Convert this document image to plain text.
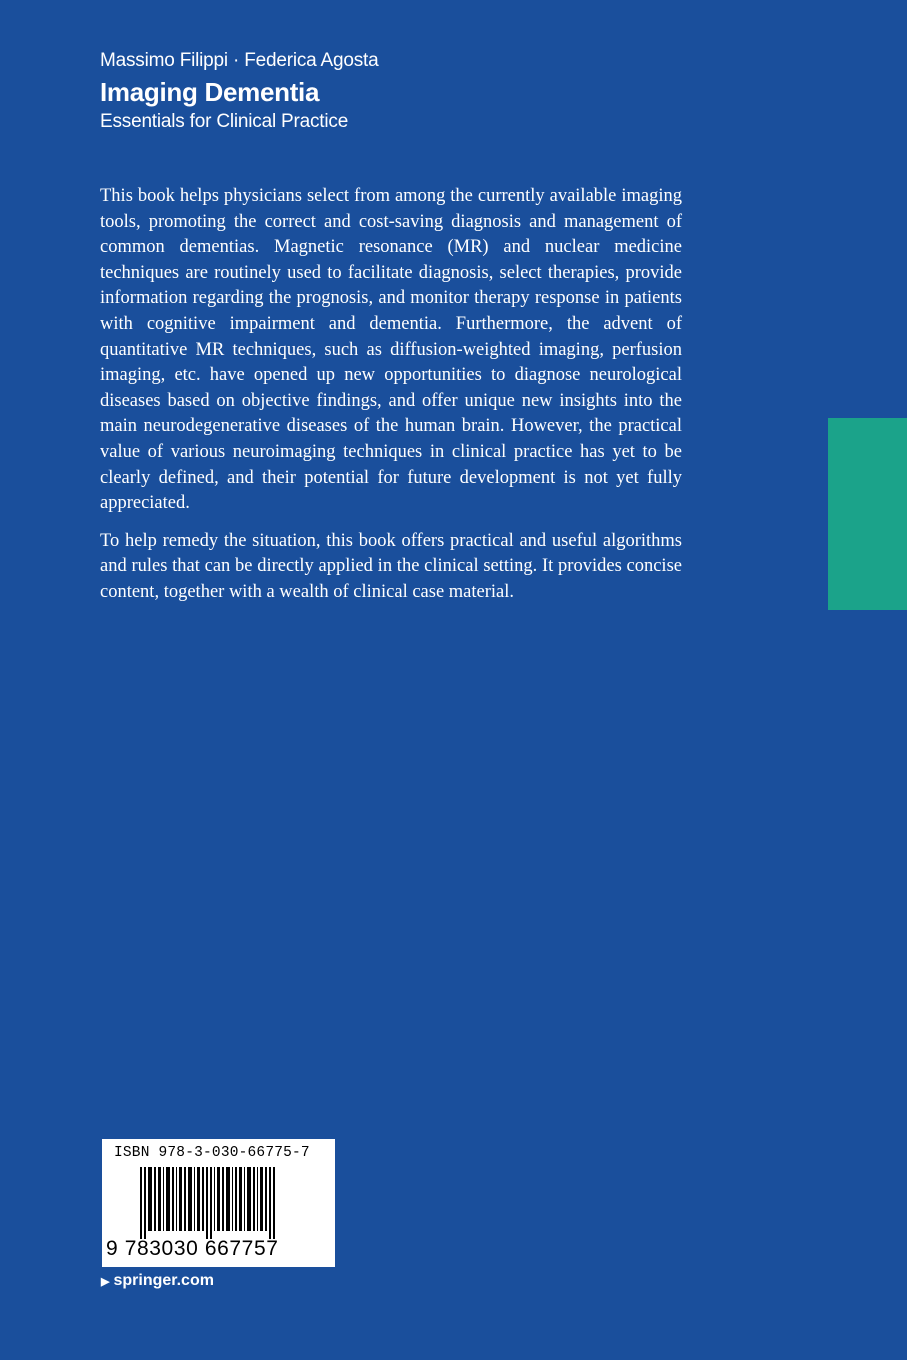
Massimo Filippi · Federica Agosta
Imaging Dementia
Essentials for Clinical Practice

This book helps physicians select from among the currently available imaging tools, promoting the correct and cost-saving diagnosis and management of common dementias. Magnetic resonance (MR) and nuclear medicine techniques are routinely used to facilitate diagnosis, select therapies, provide information regarding the prognosis, and monitor therapy response in patients with cognitive impairment and dementia. Furthermore, the advent of quantitative MR techniques, such as diffusion-weighted imaging, perfusion imaging, etc. have opened up new opportunities to diagnose neurological diseases based on objective findings, and offer unique new insights into the main neurodegenerative diseases of the human brain. However, the practical value of various neuroimaging techniques in clinical practice has yet to be clearly defined, and their potential for future development is not yet fully appreciated.

To help remedy the situation, this book offers practical and useful algorithms and rules that can be directly applied in the clinical setting. It provides concise content, together with a wealth of clinical case material.

ISBN 978-3-030-66775-7
9 783030 667757
▶ springer.com
